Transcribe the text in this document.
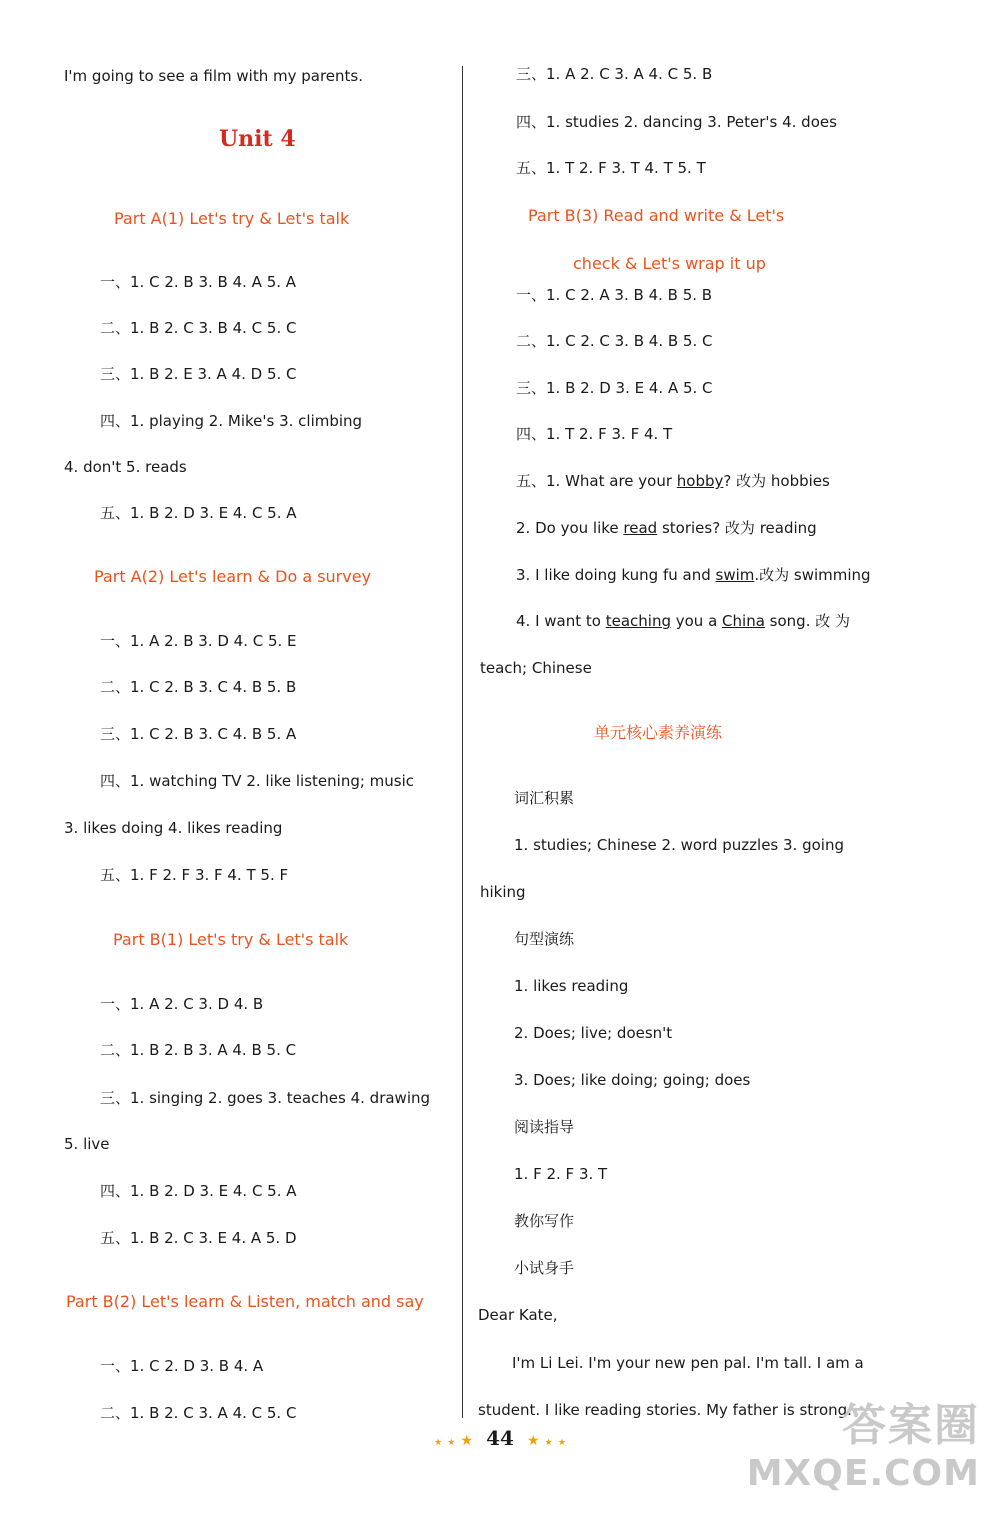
I'm going to see a film with my parents.
Unit 4
Part A(1) Let's try & Let's talk
一、1. C 2. B 3. B 4. A 5. A
二、1. B 2. C 3. B 4. C 5. C
三、1. B 2. E 3. A 4. D 5. C
四、1. playing 2. Mike's 3. climbing
4. don't 5. reads
五、1. B 2. D 3. E 4. C 5. A
Part A(2) Let's learn & Do a survey
一、1. A 2. B 3. D 4. C 5. E
二、1. C 2. B 3. C 4. B 5. B
三、1. C 2. B 3. C 4. B 5. A
四、1. watching TV 2. like listening; music
3. likes doing 4. likes reading
五、1. F 2. F 3. F 4. T 5. F
Part B(1) Let's try & Let's talk
一、1. A 2. C 3. D 4. B
二、1. B 2. B 3. A 4. B 5. C
三、1. singing 2. goes 3. teaches 4. drawing
5. live
四、1. B 2. D 3. E 4. C 5. A
五、1. B 2. C 3. E 4. A 5. D
Part B(2) Let's learn & Listen, match and say
一、1. C 2. D 3. B 4. A
二、1. B 2. C 3. A 4. C 5. C
三、1. A 2. C 3. A 4. C 5. B
四、1. studies 2. dancing 3. Peter's 4. does
五、1. T 2. F 3. T 4. T 5. T
Part B(3) Read and write & Let's
check & Let's wrap it up
一、1. C 2. A 3. B 4. B 5. B
二、1. C 2. C 3. B 4. B 5. C
三、1. B 2. D 3. E 4. A 5. C
四、1. T 2. F 3. F 4. T
五、1. What are your hobby? 改为 hobbies
2. Do you like read stories? 改为 reading
3. I like doing kung fu and swim.改为 swimming
4. I want to teaching you a China song. 改 为
teach; Chinese
单元核心素养演练
词汇积累
1. studies; Chinese 2. word puzzles 3. going
hiking
句型演练
1. likes reading
2. Does; live; doesn't
3. Does; like doing; going; does
阅读指导
1. F 2. F 3. T
教你写作
小试身手
Dear Kate,
I'm Li Lei. I'm your new pen pal. I'm tall. I am a
student. I like reading stories. My father is strong.
★ ★ ★ 44 ★ ★ ★	答案圈
MXQE.COM
